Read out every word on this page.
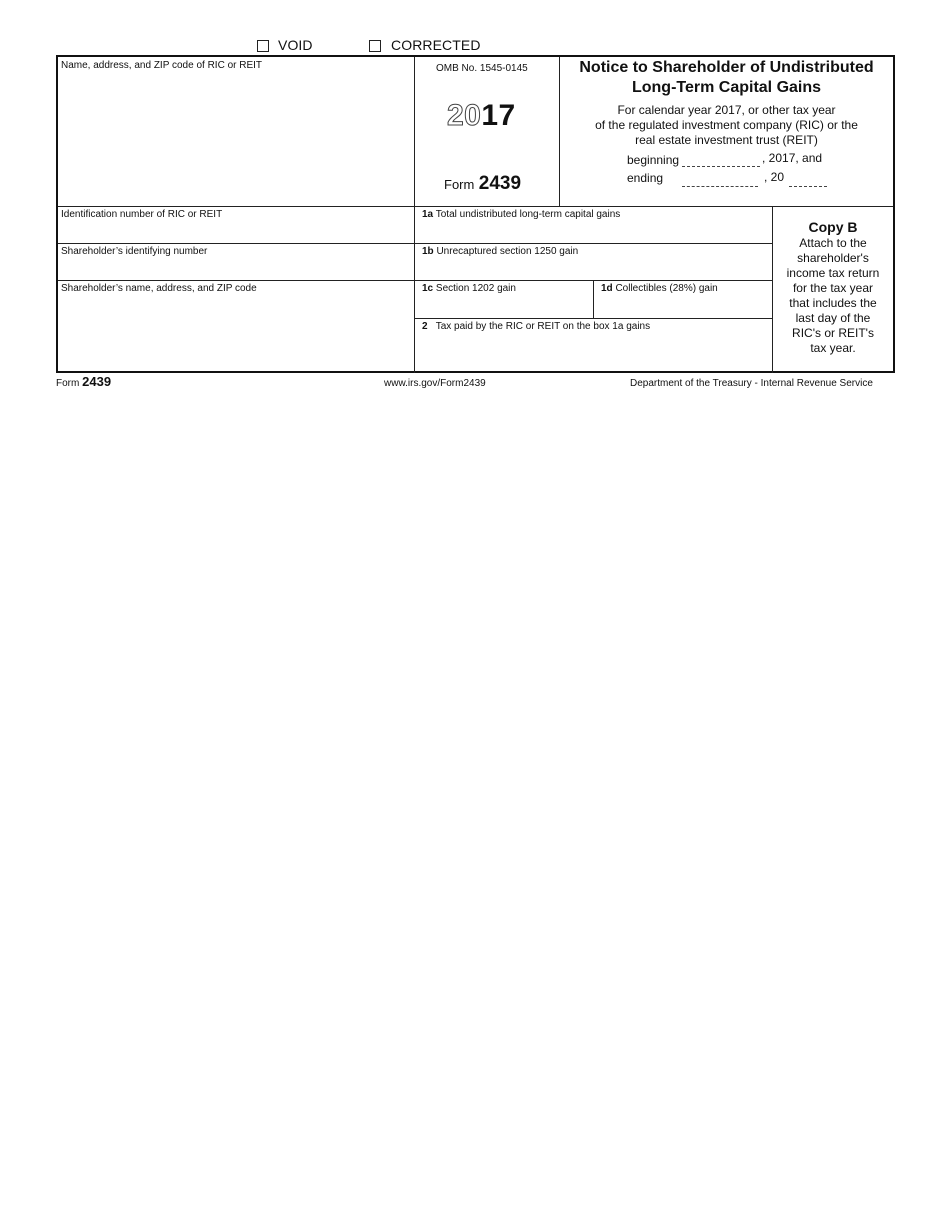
VOID	CORRECTED
Name, address, and ZIP code of RIC or REIT	OMB No. 1545-0145
2017
Form 2439
Notice to Shareholder of Undistributed
Long-Term Capital Gains
For calendar year 2017, or other tax year
of the regulated investment company (RIC) or the
real estate investment trust (REIT)
beginning	, 2017, and
ending	, 20
Identification number of RIC or REIT
Shareholder’s identifying number
Shareholder’s name, address, and ZIP code
1a Total undistributed long-term capital gains
1b Unrecaptured section 1250 gain
1c Section 1202 gain	1d Collectibles (28%) gain
2 Tax paid by the RIC or REIT on the box 1a gains
Copy B
Attach to the
shareholder's
income tax return
for the tax year
that includes the
last day of the
RIC's or REIT's
tax year.
Form 2439	www.irs.gov/Form2439	Department of the Treasury - Internal Revenue Service
